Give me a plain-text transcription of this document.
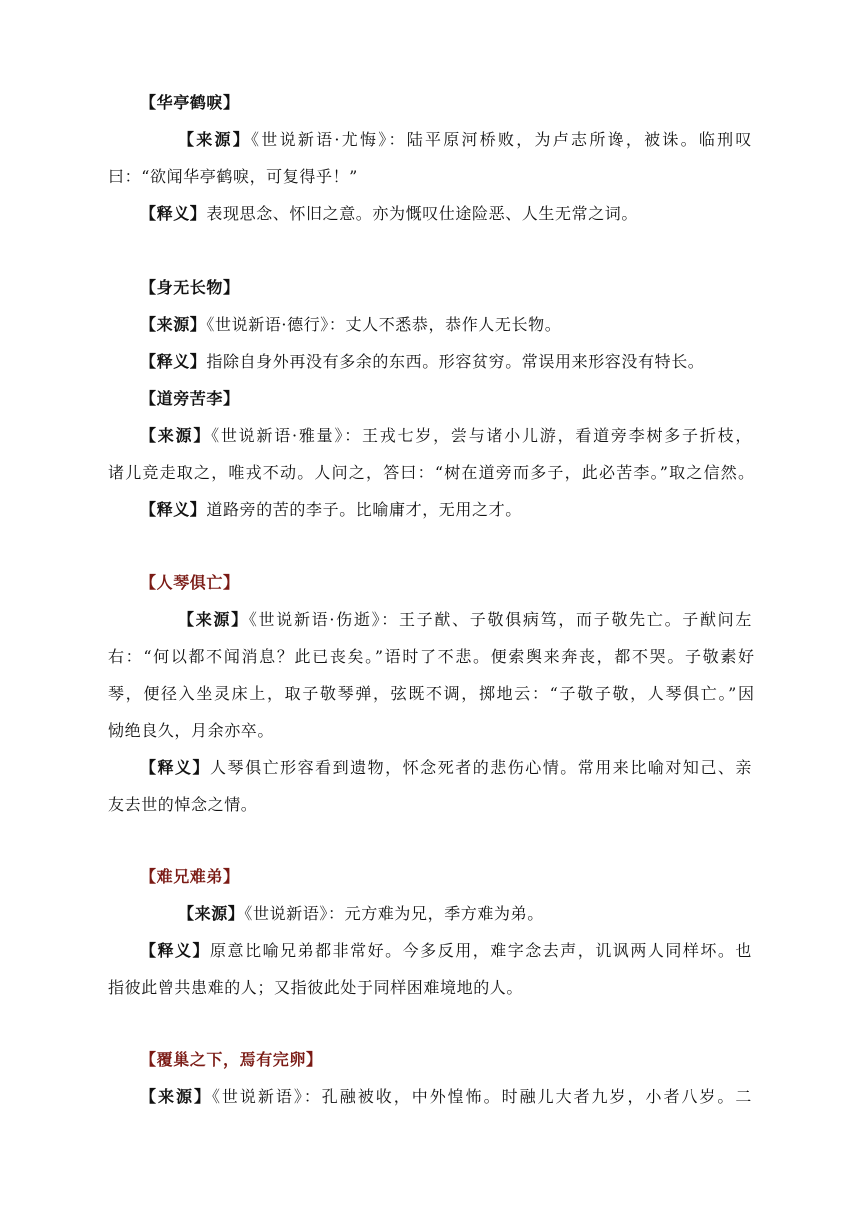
【华亭鹤唳】
【来源】《世说新语·尤悔》：陆平原河桥败，为卢志所谗，被诛。临刑叹
曰：“欲闻华亭鹤唳，可复得乎！”
【释义】表现思念、怀旧之意。亦为慨叹仕途险恶、人生无常之词。
【身无长物】
【来源】《世说新语·德行》：丈人不悉恭，恭作人无长物。
【释义】指除自身外再没有多余的东西。形容贫穷。常误用来形容没有特长。
【道旁苦李】
【来源】《世说新语·雅量》：王戎七岁，尝与诸小儿游，看道旁李树多子折枝，
诸儿竞走取之，唯戎不动。人问之，答曰：“树在道旁而多子，此必苦李。”取之信然。
【释义】道路旁的苦的李子。比喻庸才，无用之才。
【人琴俱亡】
【来源】《世说新语·伤逝》：王子猷、子敬俱病笃，而子敬先亡。子猷问左
右：“何以都不闻消息？此已丧矣。”语时了不悲。便索舆来奔丧，都不哭。子敬素好
琴，便径入坐灵床上，取子敬琴弹，弦既不调，掷地云：“子敬子敬，人琴俱亡。”因
恸绝良久，月余亦卒。
【释义】人琴俱亡形容看到遗物，怀念死者的悲伤心情。常用来比喻对知己、亲
友去世的悼念之情。
【难兄难弟】
【来源】《世说新语》：元方难为兄，季方难为弟。
【释义】原意比喻兄弟都非常好。今多反用，难字念去声，讥讽两人同样坏。也
指彼此曾共患难的人；又指彼此处于同样困难境地的人。
【覆巢之下，焉有完卵】
【来源】《世说新语》：孔融被收，中外惶怖。时融儿大者九岁，小者八岁。二
